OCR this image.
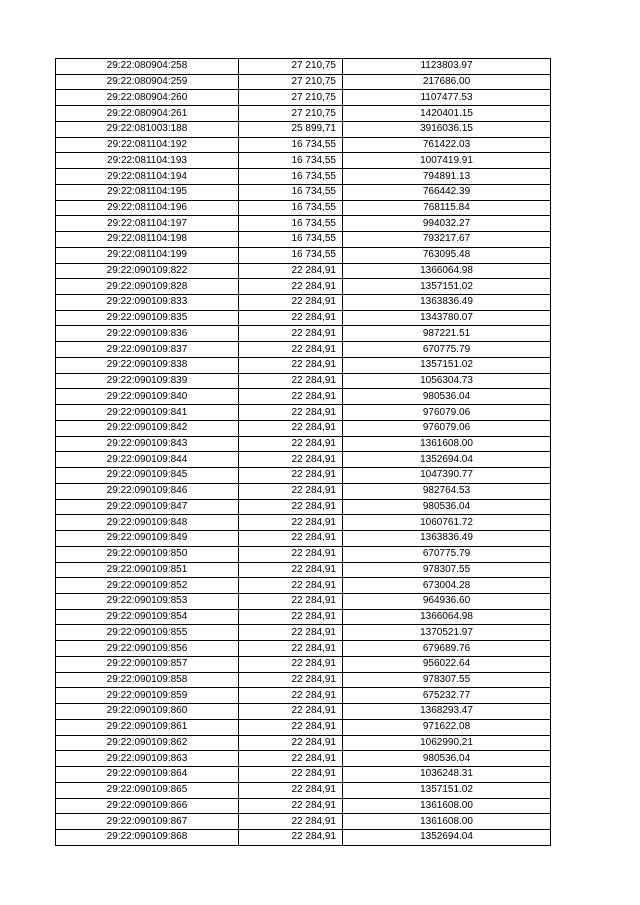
29:22:080904:258	27 210,75	1123803.97
29:22:080904:259	27 210,75	217686.00
29:22:080904:260	27 210,75	1107477.53
29:22:080904:261	27 210,75	1420401.15
29:22:081003:188	25 899,71	3916036.15
29:22:081104:192	16 734,55	761422.03
29:22:081104:193	16 734,55	1007419.91
29:22:081104:194	16 734,55	794891.13
29:22:081104:195	16 734,55	766442.39
29:22:081104:196	16 734,55	768115.84
29:22:081104:197	16 734,55	994032.27
29:22:081104:198	16 734,55	793217.67
29:22:081104:199	16 734,55	763095.48
29:22:090109:822	22 284,91	1366064.98
29:22:090109:828	22 284,91	1357151.02
29:22:090109:833	22 284,91	1363836.49
29:22:090109:835	22 284,91	1343780.07
29:22:090109:836	22 284,91	987221.51
29:22:090109:837	22 284,91	670775.79
29:22:090109:838	22 284,91	1357151.02
29:22:090109:839	22 284,91	1056304.73
29:22:090109:840	22 284,91	980536.04
29:22:090109:841	22 284,91	976079.06
29:22:090109:842	22 284,91	976079.06
29:22:090109:843	22 284,91	1361608.00
29:22:090109:844	22 284,91	1352694.04
29:22:090109:845	22 284,91	1047390.77
29:22:090109:846	22 284,91	982764.53
29:22:090109:847	22 284,91	980536.04
29:22:090109:848	22 284,91	1060761.72
29:22:090109:849	22 284,91	1363836.49
29:22:090109:850	22 284,91	670775.79
29:22:090109:851	22 284,91	978307.55
29:22:090109:852	22 284,91	673004.28
29:22:090109:853	22 284,91	964936.60
29:22:090109:854	22 284,91	1366064.98
29:22:090109:855	22 284,91	1370521.97
29:22:090109:856	22 284,91	679689.76
29:22:090109:857	22 284,91	956022.64
29:22:090109:858	22 284,91	978307.55
29:22:090109:859	22 284,91	675232.77
29:22:090109:860	22 284,91	1368293.47
29:22:090109:861	22 284,91	971622.08
29:22:090109:862	22 284,91	1062990.21
29:22:090109:863	22 284,91	980536.04
29:22:090109:864	22 284,91	1036248.31
29:22:090109:865	22 284,91	1357151.02
29:22:090109:866	22 284,91	1361608.00
29:22:090109:867	22 284,91	1361608.00
29:22:090109:868	22 284,91	1352694.04
